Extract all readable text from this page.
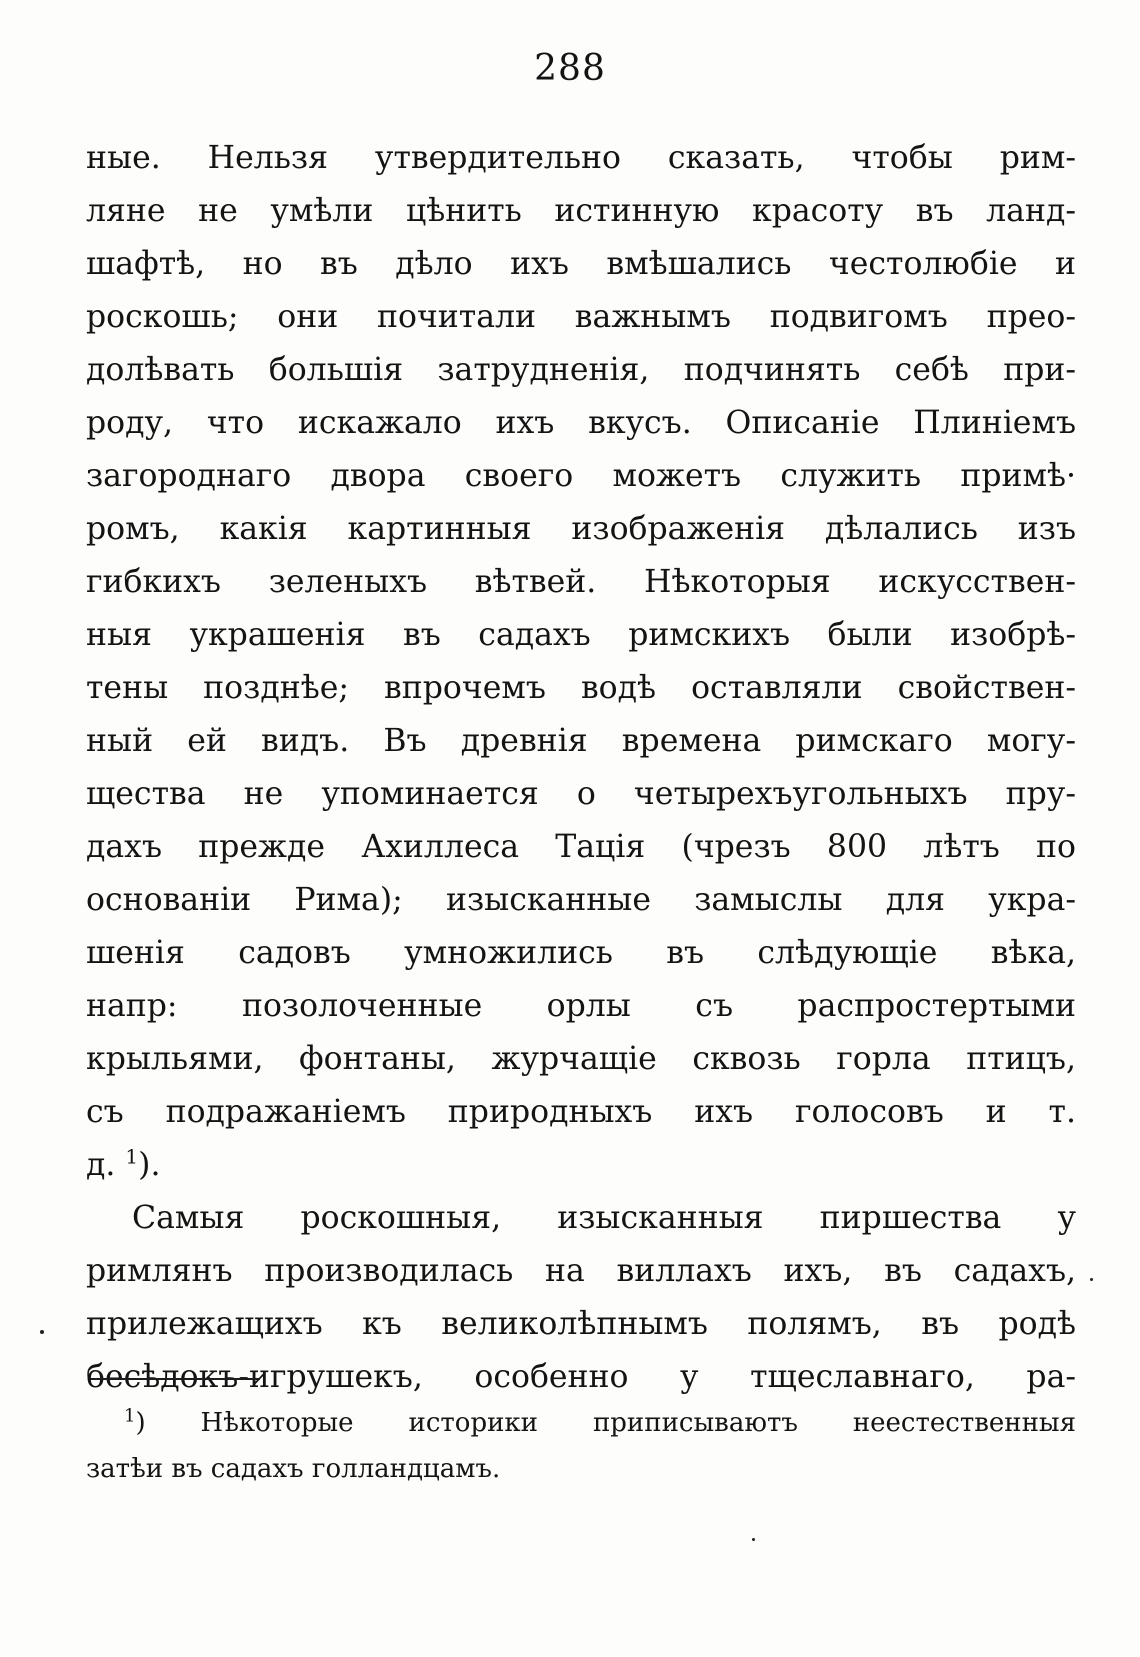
288
ные. Нельзя утвердительно сказать, чтобы рим-
ляне не умѣли цѣнить истинную красоту въ ланд-
шафтѣ, но въ дѣло ихъ вмѣшались честолюбіе и
роскошь; они почитали важнымъ подвигомъ прео-
долѣвать большія затрудненія, подчинять себѣ при-
роду, что искажало ихъ вкусъ. Описаніе Плиніемъ
загороднаго двора своего можетъ служить примѣ·
ромъ, какія картинныя изображенія дѣлались изъ
гибкихъ зеленыхъ вѣтвей. Нѣкоторыя искусствен-
ныя украшенія въ садахъ римскихъ были изобрѣ-
тены позднѣе; впрочемъ водѣ оставляли свойствен-
ный ей видъ. Въ древнія времена римскаго могу-
щества не упоминается о четырехъугольныхъ пру-
дахъ прежде Ахиллеса Тація (чрезъ 800 лѣтъ по
основаніи Рима); изысканные замыслы для укра-
шенія садовъ умножились въ слѣдующіе вѣка,
напр: позолоченные орлы съ распростертыми
крыльями, фонтаны, журчащіе сквозь горла птицъ,
съ подражаніемъ природныхъ ихъ голосовъ и т.
д. $^1$).
Самыя роскошныя, изысканныя пиршества у
римлянъ производилась на виллахъ ихъ, въ садахъ,
прилежащихъ къ великолѣпнымъ полямъ, въ родѣ
бесѣдокъ-игрушекъ, особенно у тщеславнаго, ра-
$^1$) Нѣкоторые историки приписываютъ неестественныя
затѣи въ садахъ голландцамъ.
